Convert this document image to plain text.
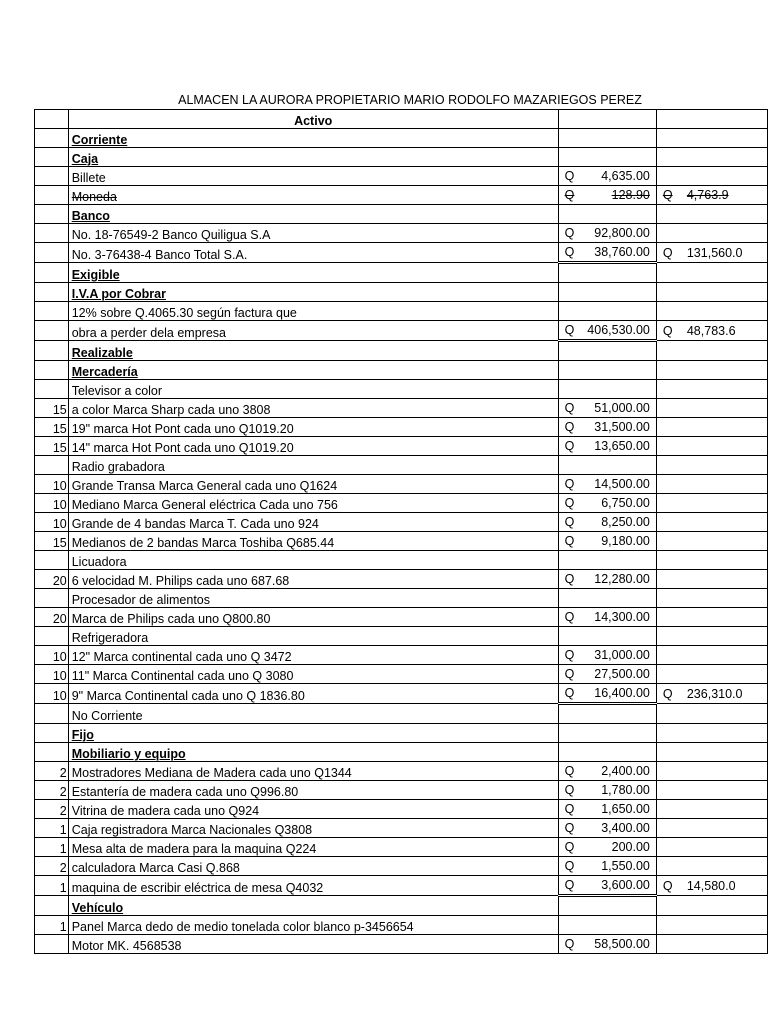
ALMACEN LA AURORA PROPIETARIO MARIO RODOLFO MAZARIEGOS PEREZ
	Activo		
	Corriente	

	Caja	

	Billete	Q 4,635.00	

	Moneda	Q 128.90	Q 4,763.9

	Banco	

	No. 18-76549-2 Banco Quiligua S.A	Q 92,800.00	

	No. 3-76438-4 Banco Total S.A.	Q 38,760.00	Q 131,560.0

	Exigible	

	I.V.A por Cobrar	

	12% sobre Q.4065.30 según factura que	

	obra a perder dela empresa	Q 406,530.00	Q 48,783.6

	Realizable	

	Mercadería	

	Televisor a color	

15	a color Marca Sharp cada uno 3808	Q 51,000.00	

15	19" marca Hot Pont cada uno Q1019.20	Q 31,500.00	

15	14" marca Hot Pont cada uno Q1019.20	Q 13,650.00	

	Radio grabadora	

10	Grande Transa Marca General cada uno Q1624	Q 14,500.00	

10	Mediano Marca General eléctrica Cada uno 756	Q 6,750.00	

10	Grande de 4 bandas Marca T. Cada uno 924	Q 8,250.00	

15	Medianos de 2 bandas Marca Toshiba Q685.44	Q 9,180.00	

	Licuadora	

20	6 velocidad M. Philips cada uno 687.68	Q 12,280.00	

	Procesador de alimentos	

20	Marca de Philips cada uno Q800.80	Q 14,300.00	

	Refrigeradora	

10	12" Marca continental cada uno Q 3472	Q 31,000.00	

10	11" Marca Continental cada uno Q 3080	Q 27,500.00	

10	9" Marca Continental cada uno Q 1836.80	Q 16,400.00	Q 236,310.0

	No Corriente	

	Fijo	

	Mobiliario y equipo	

2	Mostradores Mediana de Madera cada uno Q1344	Q 2,400.00	

2	Estantería de madera cada uno Q996.80	Q 1,780.00	

2	Vitrina de madera cada uno Q924	Q 1,650.00	

1	Caja registradora Marca Nacionales Q3808	Q 3,400.00	

1	Mesa alta de madera para la maquina Q224	Q 200.00	

2	calculadora Marca Casi Q.868	Q 1,550.00	

1	maquina de escribir eléctrica de mesa Q4032	Q 3,600.00	Q 14,580.0

	Vehículo	

1	Panel Marca dedo de medio tonelada color blanco p-3456654	

	Motor MK. 4568538	Q 58,500.00	
